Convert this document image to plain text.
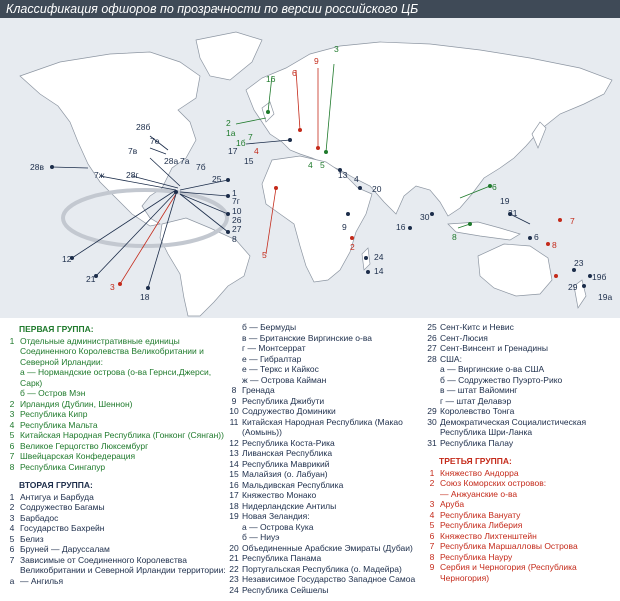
Классификация офшоров по прозрачности по версии российского ЦБ
28в
28г
7в
28б
28а 7а
7ж
7е
7б
25
1
7г
10
26
27
8
12
21
3
18
16
6
9
3
2
1а
1б
7
17
15
4
4 5
13 4
20
9
5
2
24
14
16
30
8
6
19
31
6
7
8
23
19б
29
19а
ПЕРВАЯ ГРУППА:
1 Отдельные административные единицы Соединенного Королевства Великобритании и Северной Ирландии:
а — Нормандские острова (о-ва Гернси,Джерси, Сарк)
б — Остров Мэн
2 Ирландия (Дублин, Шеннон)
3 Республика Кипр
4 Республика Мальта
5 Китайская Народная Республика (Гонконг (Сянган))
6 Великое Герцогство Люксембург
7 Швейцарская Конфедерация
8 Республика Сингапур
ВТОРАЯ ГРУППА:
1 Антигуа и Барбуда
2 Содружество Багамы
3 Барбадос
4 Государство Бахрейн
5 Белиз
6 Бруней — Даруссалам
7 Зависимые от Соединенного Королевства Великобритании и Северной Ирландии территории:
а — Ангилья
б — Бермуды
в — Британские Виргинские о-ва
г — Монтсеррат
е — Гибралтар
е — Теркс и Кайкос
ж — Острова Кайман
8 Гренада
9 Республика Джибути
10 Содружество Доминики
11 Китайская Народная Республика (Макао (Аомынь))
12 Республика Коста-Рика
13 Ливанская Республика
14 Республика Маврикий
15 Малайзия (о. Лабуан)
16 Мальдивская Республика
17 Княжество Монако
18 Нидерландские Антилы
19 Новая Зеландия:
а — Острова Кука
б — Ниуэ
20 Объединенные Арабские Эмираты (Дубаи)
21 Республика Панама
22 Португальская Республика (о. Мадейра)
23 Независимое Государство Западное Самоа
24 Республика Сейшелы
25 Сент-Китс и Невис
26 Сент-Люсия
27 Сент-Винсент и Гренадины
28 США:
а — Виргинские о-ва США
б — Содружество Пуэрто-Рико
в — штат Вайоминг
г — штат Делавэр
29 Королевство Тонга
30 Демократическая Социалистическая Республика Шри-Ланка
31 Республика Палау
ТРЕТЬЯ ГРУППА:
1 Княжество Андорра
2 Союз Коморских островов:
— Анжуанские о-ва
3 Аруба
4 Республика Вануату
5 Республика Либерия
6 Княжество Лихтенштейн
7 Республика Маршалловы Острова
8 Республика Науру
9 Сербия и Черногория (Республика Черногория)
